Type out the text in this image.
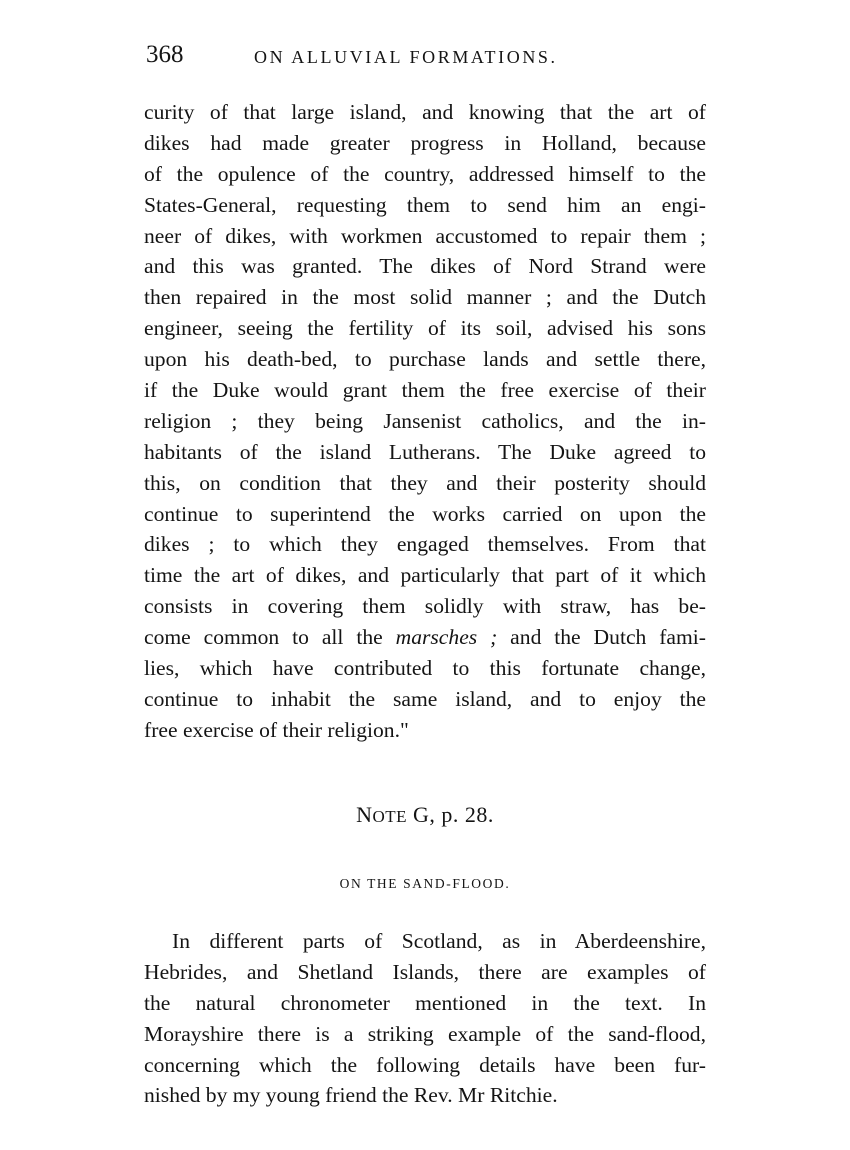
368	ON ALLUVIAL FORMATIONS.
curity of that large island, and knowing that the art of
dikes had made greater progress in Holland, because
of the opulence of the country, addressed himself to the
States-General, requesting them to send him an engi-
neer of dikes, with workmen accustomed to repair them ;
and this was granted. The dikes of Nord Strand were
then repaired in the most solid manner ; and the Dutch
engineer, seeing the fertility of its soil, advised his sons
upon his death-bed, to purchase lands and settle there,
if the Duke would grant them the free exercise of their
religion ; they being Jansenist catholics, and the in-
habitants of the island Lutherans. The Duke agreed to
this, on condition that they and their posterity should
continue to superintend the works carried on upon the
dikes ; to which they engaged themselves. From that
time the art of dikes, and particularly that part of it which
consists in covering them solidly with straw, has be-
come common to all the marsches ; and the Dutch fami-
lies, which have contributed to this fortunate change,
continue to inhabit the same island, and to enjoy the
free exercise of their religion."
NOTE G, p. 28.
ON THE SAND-FLOOD.
In different parts of Scotland, as in Aberdeenshire,
Hebrides, and Shetland Islands, there are examples of
the natural chronometer mentioned in the text. In
Morayshire there is a striking example of the sand-flood,
concerning which the following details have been fur-
nished by my young friend the Rev. Mr Ritchie.
